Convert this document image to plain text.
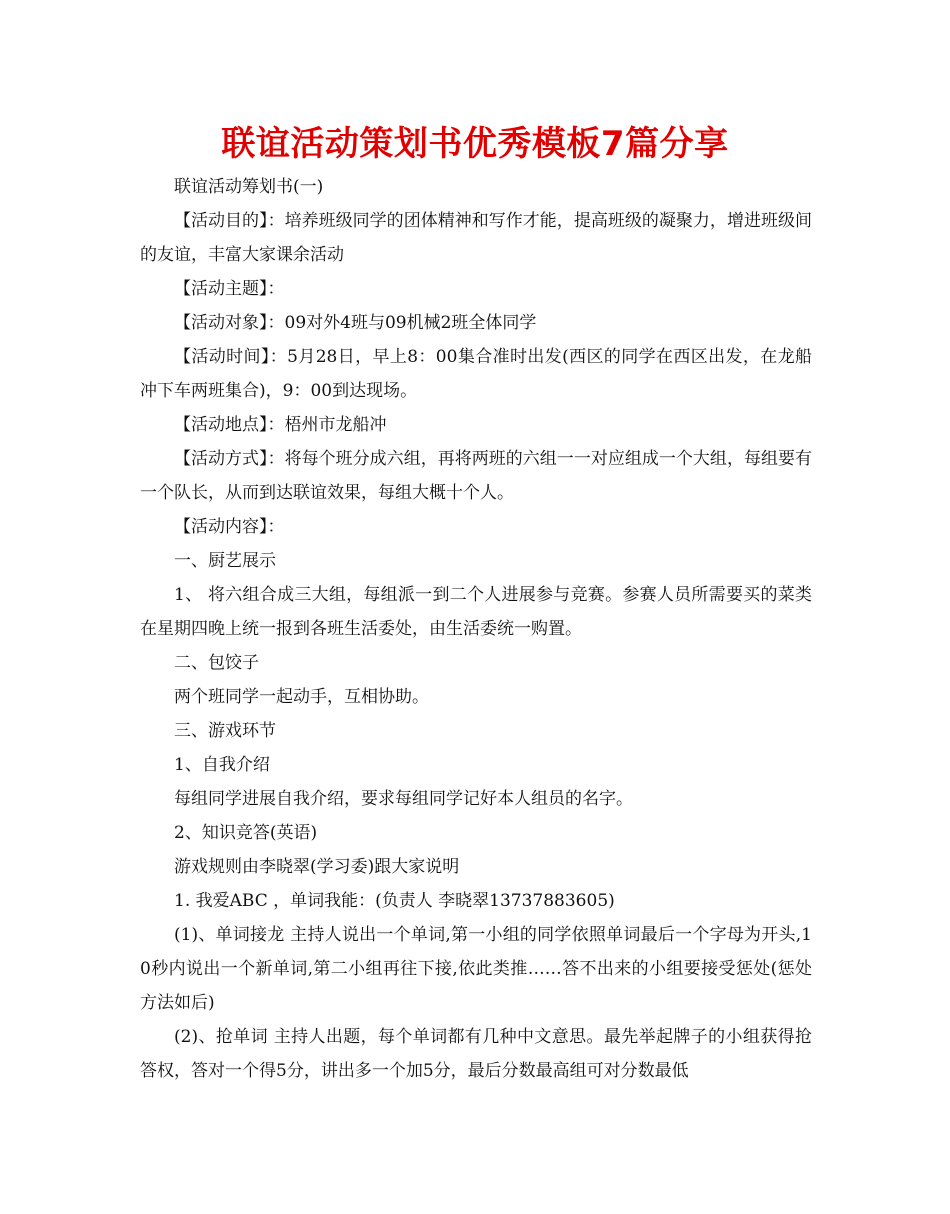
联谊活动策划书优秀模板7篇分享

联谊活动筹划书(一)

【活动目的】：培养班级同学的团体精神和写作才能，提高班级的凝聚力，增进班级间的友谊，丰富大家课余活动

【活动主题】：

【活动对象】：09对外4班与09机械2班全体同学

【活动时间】：5月28日，早上8：00集合准时出发(西区的同学在西区出发，在龙船冲下车两班集合)，9：00到达现场。

【活动地点】：梧州市龙船冲

【活动方式】：将每个班分成六组，再将两班的六组一一对应组成一个大组，每组要有一个队长，从而到达联谊效果，每组大概十个人。

【活动内容】：

一、厨艺展示

1、 将六组合成三大组，每组派一到二个人进展参与竞赛。参赛人员所需要买的菜类在星期四晚上统一报到各班生活委处，由生活委统一购置。

二、包饺子

两个班同学一起动手，互相协助。

三、游戏环节

1、自我介绍

每组同学进展自我介绍，要求每组同学记好本人组员的名字。

2、知识竞答(英语)

游戏规则由李晓翠(学习委)跟大家说明

1. 我爱ABC ，单词我能：(负责人 李晓翠13737883605)

(1)、单词接龙 主持人说出一个单词,第一小组的同学依照单词最后一个字母为开头,10秒内说出一个新单词,第二小组再往下接,依此类推……答不出来的小组要接受惩处(惩处方法如后)

(2)、抢单词 主持人出题，每个单词都有几种中文意思。最先举起牌子的小组获得抢答权，答对一个得5分，讲出多一个加5分，最后分数最高组可对分数最低
